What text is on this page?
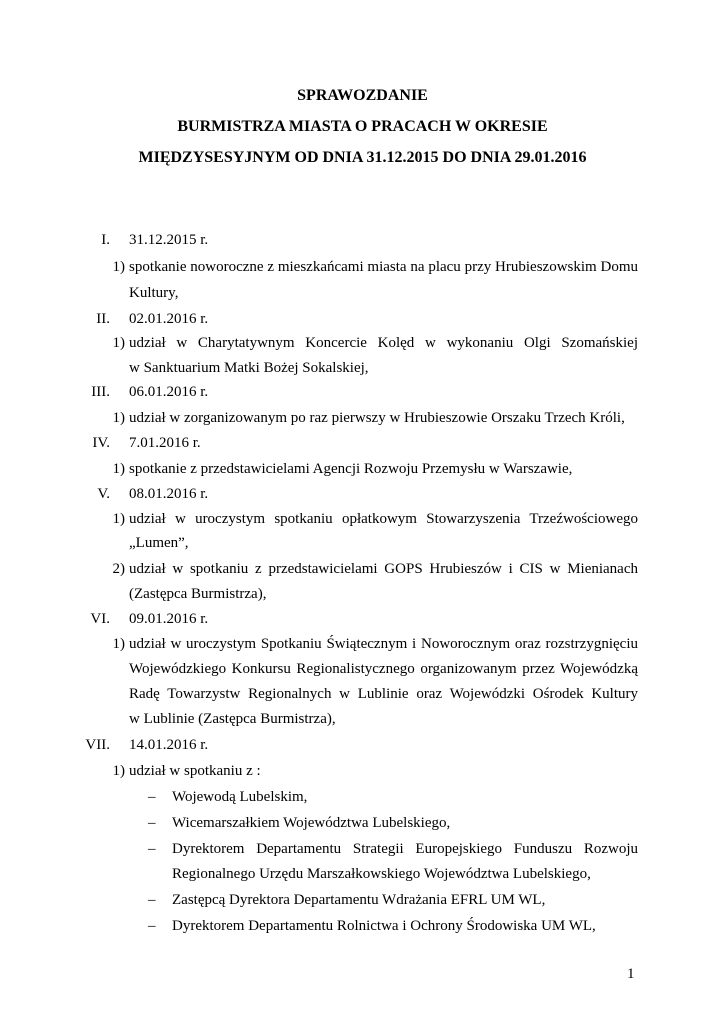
SPRAWOZDANIE
BURMISTRZA MIASTA O PRACACH W OKRESIE
MIĘDZYSESYJNYM OD DNIA 31.12.2015 DO DNIA 29.01.2016
I. 31.12.2015 r.
1) spotkanie noworoczne z mieszkańcami miasta na placu przy Hrubieszowskim Domu
Kultury,
II. 02.01.2016 r.
1) udział w Charytatywnym Koncercie Kolęd w wykonaniu Olgi Szomańskiej
w Sanktuarium Matki Bożej Sokalskiej,
III. 06.01.2016 r.
1) udział w zorganizowanym po raz pierwszy w Hrubieszowie Orszaku Trzech Króli,
IV. 7.01.2016 r.
1) spotkanie z przedstawicielami Agencji Rozwoju Przemysłu w Warszawie,
V. 08.01.2016 r.
1) udział w uroczystym spotkaniu opłatkowym Stowarzyszenia Trzeźwościowego
„Lumen”,
2) udział w spotkaniu z przedstawicielami GOPS Hrubieszów i CIS w Mienianach
(Zastępca Burmistrza),
VI. 09.01.2016 r.
1) udział w uroczystym Spotkaniu Świątecznym i Noworocznym oraz rozstrzygnięciu
Wojewódzkiego Konkursu Regionalistycznego organizowanym przez Wojewódzką
Radę Towarzystw Regionalnych w Lublinie oraz Wojewódzki Ośrodek Kultury
w Lublinie (Zastępca Burmistrza),
VII. 14.01.2016 r.
1) udział w spotkaniu z :
– Wojewodą Lubelskim,
– Wicemarszałkiem Województwa Lubelskiego,
– Dyrektorem Departamentu Strategii Europejskiego Funduszu Rozwoju
Regionalnego Urzędu Marszałkowskiego Województwa Lubelskiego,
– Zastępcą Dyrektora Departamentu Wdrażania EFRL UM WL,
– Dyrektorem Departamentu Rolnictwa i Ochrony Środowiska UM WL,
1
